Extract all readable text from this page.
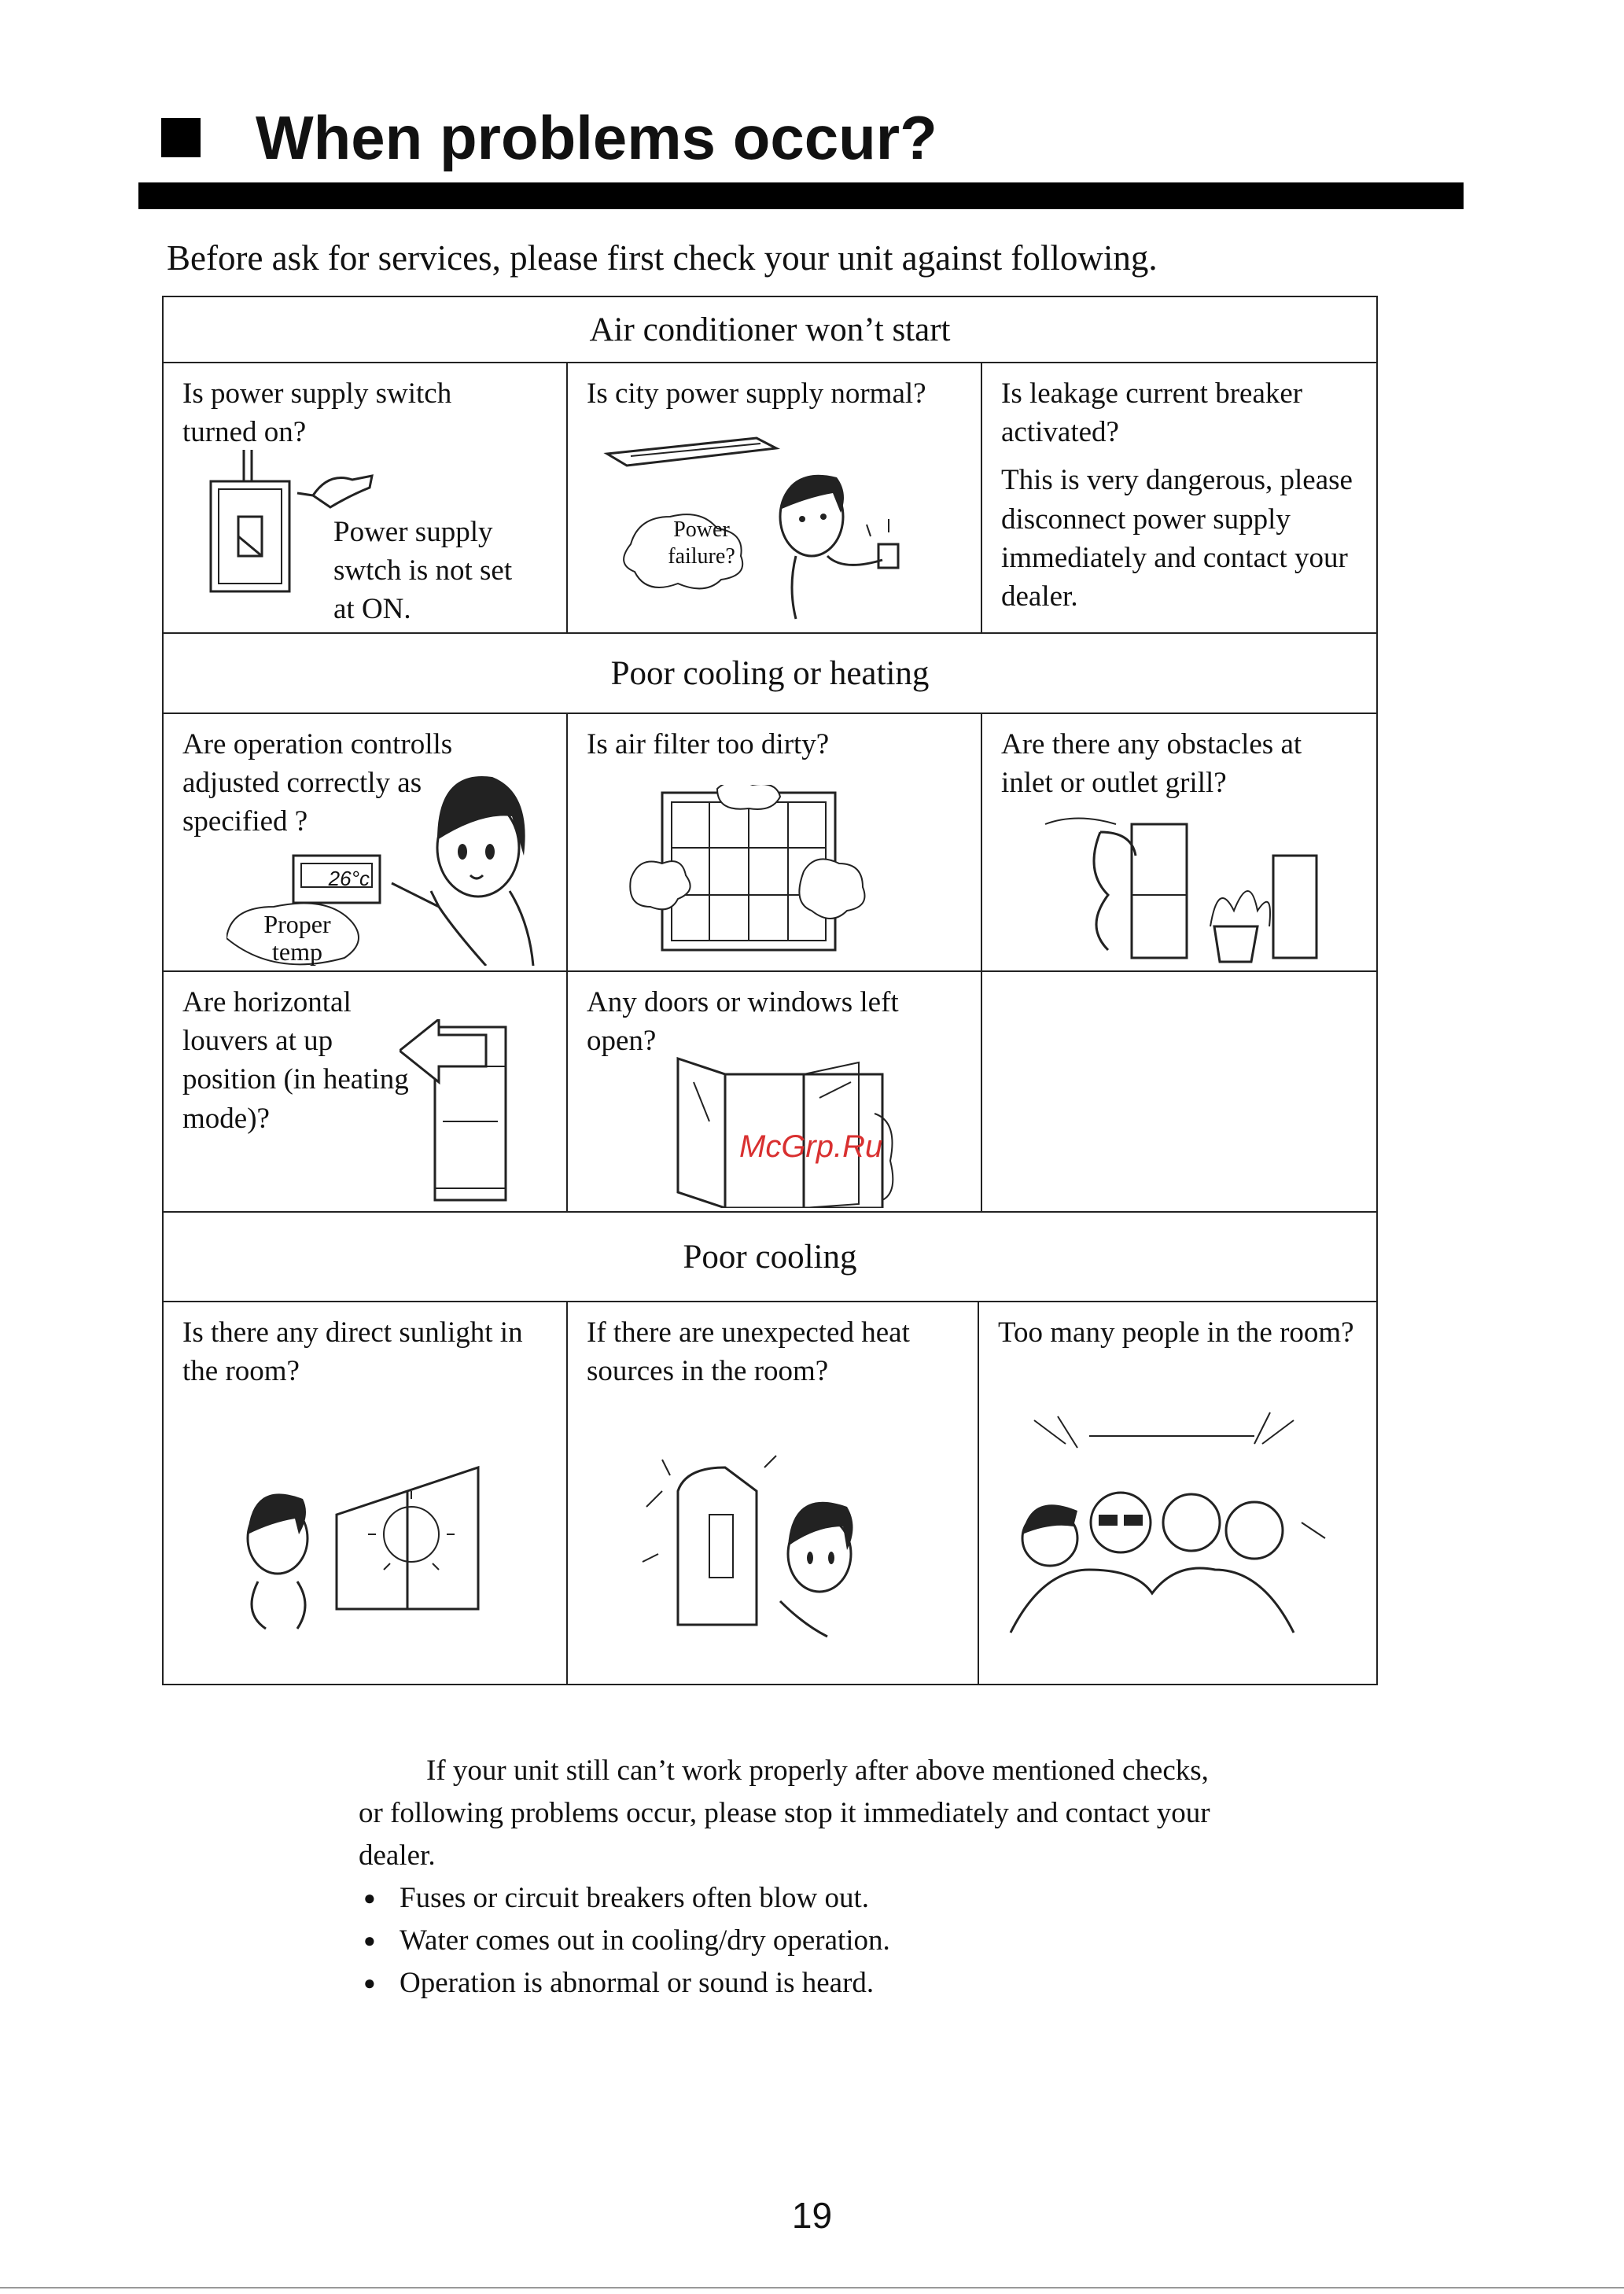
When problems occur?
Before ask for services, please first check your unit against following.
Air conditioner won’t start

Is power supply switch turned on?

Power supply swtch is not set at ON.

Is city power supply normal?

Power failure?

Is leakage current breaker activated?

This is very dangerous, please disconnect power supply immediately and contact your dealer.

Poor cooling or heating

Are operation controlls adjusted correctly as specified ?

26°c

Proper temp

Is air filter too dirty?	Are there any obstacles at inlet or outlet grill?

Are horizontal louvers at up position (in heating mode)?

Any doors or windows left open?

Poor cooling

Is there any direct sunlight in the room?

If there are unexpected heat sources in the room?

Too many people in the room?

McGrp.Ru

If your unit still can’t work properly after above mentioned checks, or following problems occur, please stop it immediately and contact your dealer.

● Fuses or circuit breakers often blow out.
● Water comes out in cooling/dry operation.
● Operation is abnormal or sound is heard.
19
